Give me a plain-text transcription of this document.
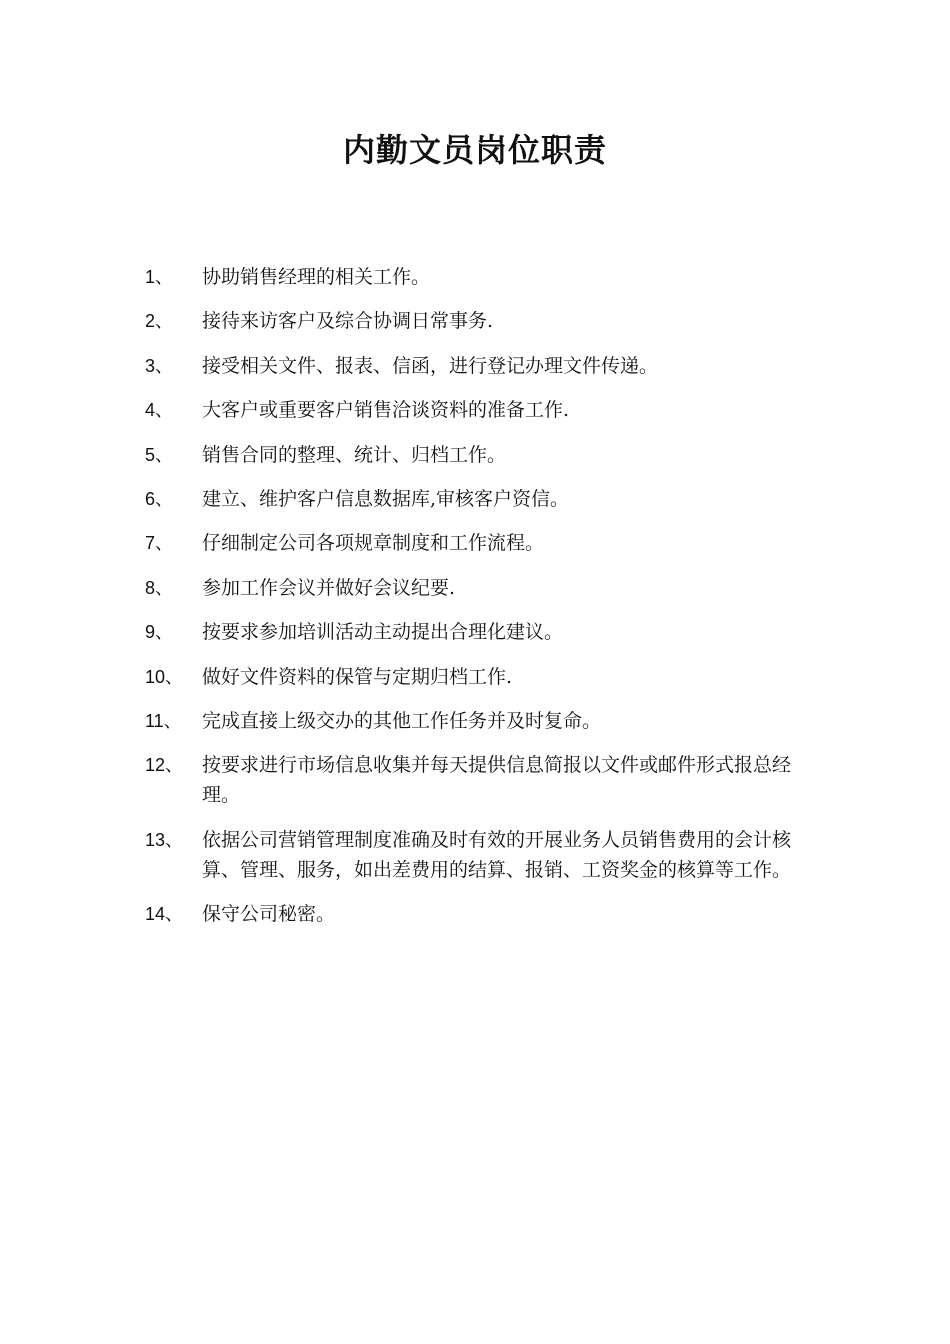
内勤文员岗位职责
1、	协助销售经理的相关工作。
2、	接待来访客户及综合协调日常事务.
3、	接受相关文件、报表、信函，进行登记办理文件传递。
4、	大客户或重要客户销售洽谈资料的准备工作.
5、	销售合同的整理、统计、归档工作。
6、	建立、维护客户信息数据库,审核客户资信。
7、	仔细制定公司各项规章制度和工作流程。
8、	参加工作会议并做好会议纪要.
9、	按要求参加培训活动主动提出合理化建议。
10、 做好文件资料的保管与定期归档工作.
11、	完成直接上级交办的其他工作任务并及时复命。
12、 按要求进行市场信息收集并每天提供信息简报以文件或邮件形式报总经理。
13、 依据公司营销管理制度准确及时有效的开展业务人员销售费用的会计核算、管理、服务，如出差费用的结算、报销、工资奖金的核算等工作。
14、 保守公司秘密。
